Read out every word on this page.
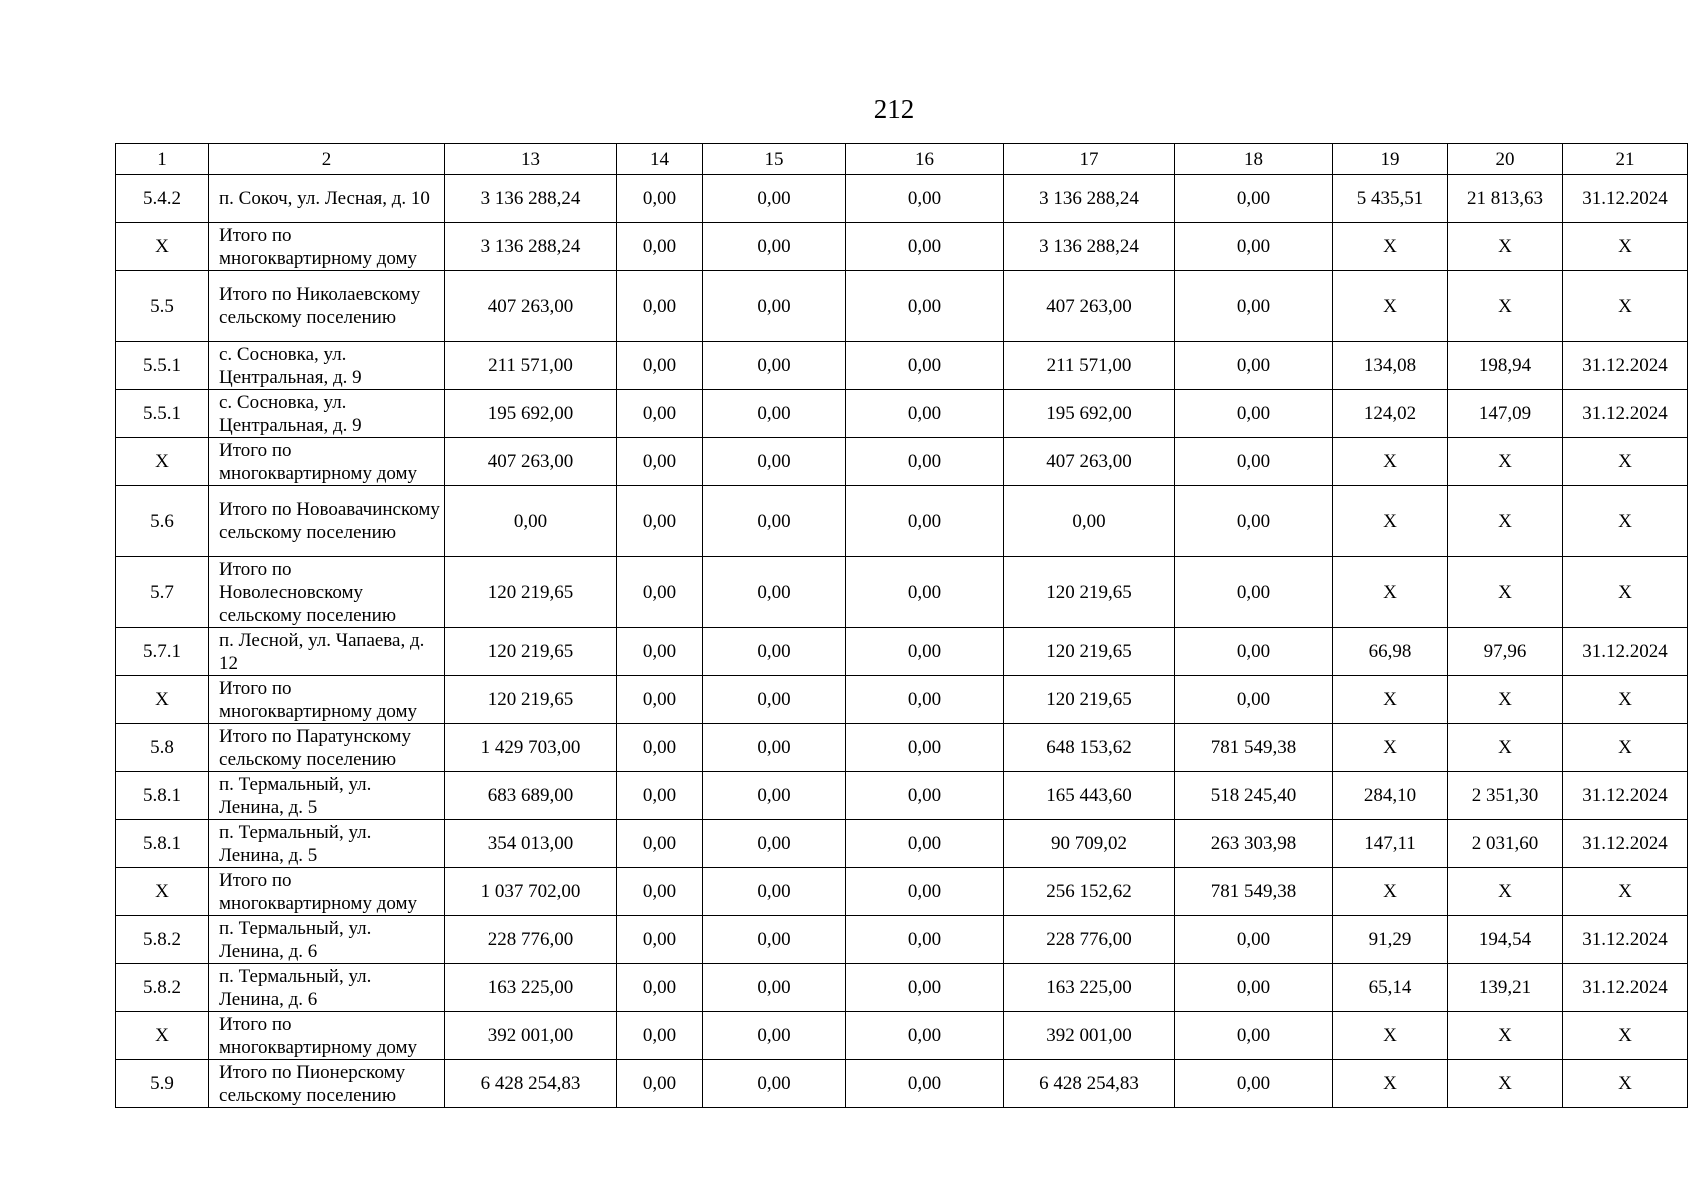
212
1	2	13	14	15	16	17	18	19	20	21
5.4.2	п. Сокоч, ул. Лесная, д. 10	3 136 288,24	0,00	0,00	0,00	3 136 288,24	0,00	5 435,51	21 813,63	31.12.2024
X	Итого по многоквартирному дому	3 136 288,24	0,00	0,00	0,00	3 136 288,24	0,00	X	X	X
5.5	Итого по Николаевскому сельскому поселению	407 263,00	0,00	0,00	0,00	407 263,00	0,00	X	X	X
5.5.1	с. Сосновка, ул. Центральная, д. 9	211 571,00	0,00	0,00	0,00	211 571,00	0,00	134,08	198,94	31.12.2024
5.5.1	с. Сосновка, ул. Центральная, д. 9	195 692,00	0,00	0,00	0,00	195 692,00	0,00	124,02	147,09	31.12.2024
X	Итого по многоквартирному дому	407 263,00	0,00	0,00	0,00	407 263,00	0,00	X	X	X
5.6	Итого по Новоавачинскому сельскому поселению	0,00	0,00	0,00	0,00	0,00	0,00	X	X	X
5.7	Итого по Новолесновскому сельскому поселению	120 219,65	0,00	0,00	0,00	120 219,65	0,00	X	X	X
5.7.1	п. Лесной, ул. Чапаева, д. 12	120 219,65	0,00	0,00	0,00	120 219,65	0,00	66,98	97,96	31.12.2024
X	Итого по многоквартирному дому	120 219,65	0,00	0,00	0,00	120 219,65	0,00	X	X	X
5.8	Итого по Паратунскому сельскому поселению	1 429 703,00	0,00	0,00	0,00	648 153,62	781 549,38	X	X	X
5.8.1	п. Термальный, ул. Ленина, д. 5	683 689,00	0,00	0,00	0,00	165 443,60	518 245,40	284,10	2 351,30	31.12.2024
5.8.1	п. Термальный, ул. Ленина, д. 5	354 013,00	0,00	0,00	0,00	90 709,02	263 303,98	147,11	2 031,60	31.12.2024
X	Итого по многоквартирному дому	1 037 702,00	0,00	0,00	0,00	256 152,62	781 549,38	X	X	X
5.8.2	п. Термальный, ул. Ленина, д. 6	228 776,00	0,00	0,00	0,00	228 776,00	0,00	91,29	194,54	31.12.2024
5.8.2	п. Термальный, ул. Ленина, д. 6	163 225,00	0,00	0,00	0,00	163 225,00	0,00	65,14	139,21	31.12.2024
X	Итого по многоквартирному дому	392 001,00	0,00	0,00	0,00	392 001,00	0,00	X	X	X
5.9	Итого по Пионерскому сельскому поселению	6 428 254,83	0,00	0,00	0,00	6 428 254,83	0,00	X	X	X
